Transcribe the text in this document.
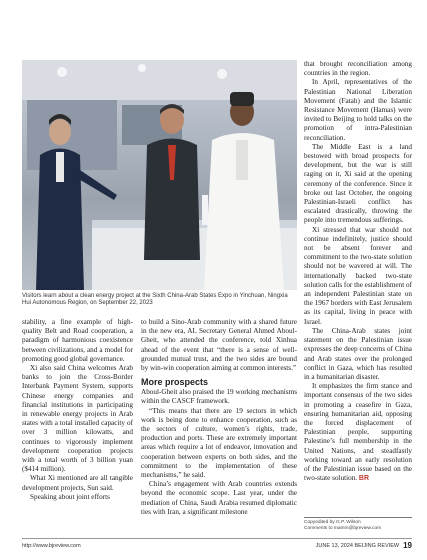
Visitors learn about a clean energy project at the Sixth China-Arab States Expo in Yinchuan, Ningxia Hui Autonomous Region, on September 22, 2023

stability, a fine example of high-quality Belt and Road cooperation, a paradigm of harmonious coexistence between civilizations, and a model for promoting good global governance.

Xi also said China welcomes Arab banks to join the Cross-Border Interbank Payment System, supports Chinese energy companies and financial institutions in participating in renewable energy projects in Arab states with a total installed capacity of over 3 million kilowatts, and continues to vigorously implement development cooperation projects with a total worth of 3 billion yuan ($414 million).

What Xi mentioned are all tangible development projects, Sun said.

Speaking about joint efforts

to build a Sino-Arab community with a shared future in the new era, AL Secretary General Ahmed Aboul-Gheit, who attended the conference, told Xinhua ahead of the event that “there is a sense of well-grounded mutual trust, and the two sides are bound by win-win cooperation aiming at common interests.”

More prospects

Aboul-Gheit also praised the 19 working mechanisms within the CASCF framework.

“This means that there are 19 sectors in which work is being done to enhance cooperation, such as the sectors of culture, women’s rights, trade, production and ports. These are extremely important areas which require a lot of endeavor, innovation and cooperation between experts on both sides, and the commitment to the implementation of these mechanisms,” he said.

China’s engagement with Arab countries extends beyond the economic scope. Last year, under the mediation of China, Saudi Arabia resumed diplomatic ties with Iran, a significant milestone

that brought reconciliation among countries in the region.

In April, representatives of the Palestinian National Liberation Movement (Fatah) and the Islamic Resistance Movement (Hamas) were invited to Beijing to hold talks on the promotion of intra-Palestinian reconciliation.

The Middle East is a land bestowed with broad prospects for development, but the war is still raging on it, Xi said at the opening ceremony of the conference. Since it broke out last October, the ongoing Palestinian-Israeli conflict has escalated drastically, throwing the people into tremendous sufferings.

Xi stressed that war should not continue indefinitely, justice should not be absent forever and commitment to the two-state solution should not be wavered at will. The internationally backed two-state solution calls for the establishment of an independent Palestinian state on the 1967 borders with East Jerusalem as its capital, living in peace with Israel.

The China-Arab states joint statement on the Palestinian issue expresses the deep concerns of China and Arab states over the prolonged conflict in Gaza, which has resulted in a humanitarian disaster.

It emphasizes the firm stance and important consensus of the two sides in promoting a ceasefire in Gaza, ensuring humanitarian aid, opposing the forced displacement of Palestinian people, supporting Palestine’s full membership in the United Nations, and steadfastly working toward an early resolution of the Palestinian issue based on the two-state solution. BR

Copyedited by G.P. Wilson
Comments to mamm@bjreview.com
http://www.bjreview.com	JUNE 13, 2024 BEIJING REVIEW 19
